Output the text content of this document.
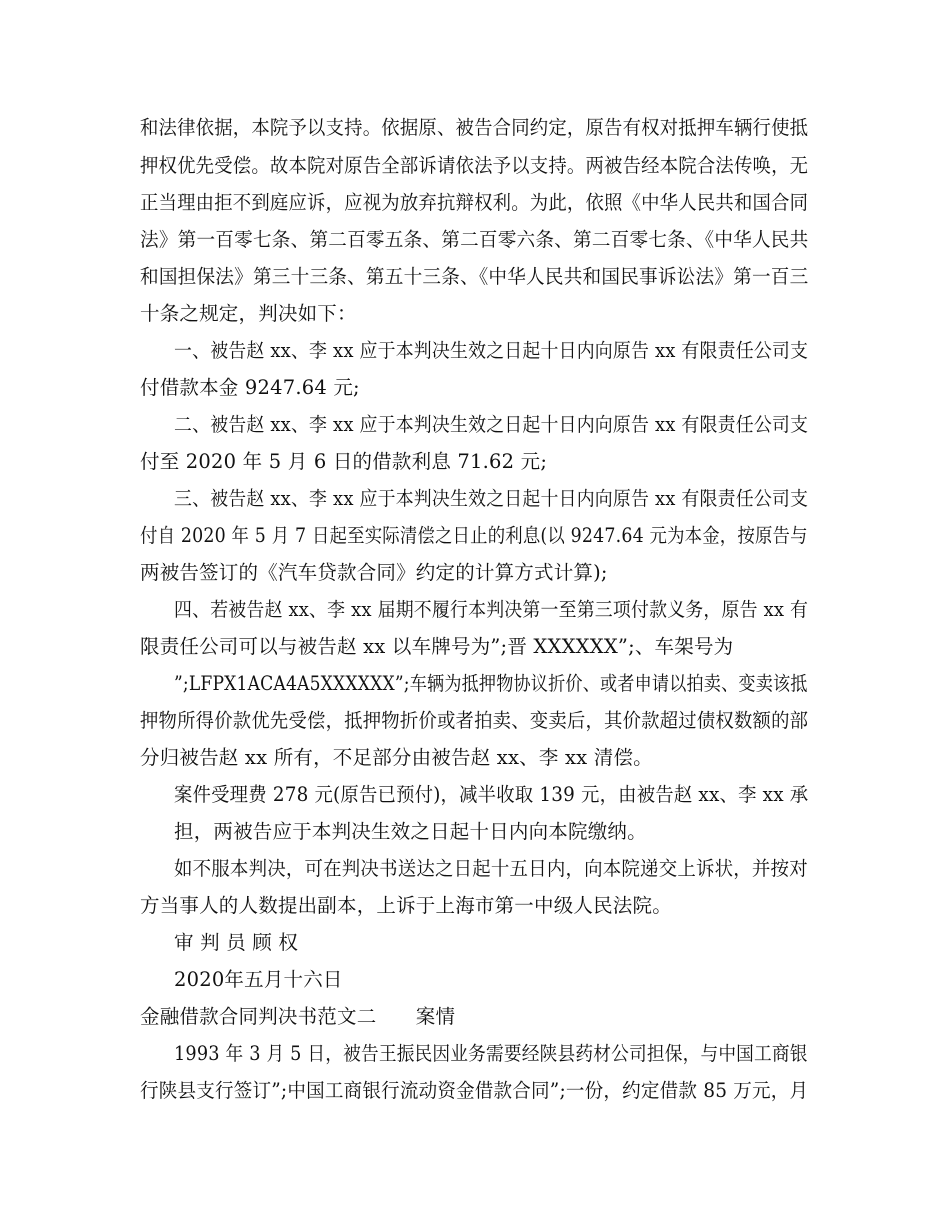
和法律依据，本院予以支持。依据原、被告合同约定，原告有权对抵押车辆行使抵
押权优先受偿。故本院对原告全部诉请依法予以支持。两被告经本院合法传唤，无
正当理由拒不到庭应诉，应视为放弃抗辩权利。为此，依照《中华人民共和国合同
法》第一百零七条、第二百零五条、第二百零六条、第二百零七条、《中华人民共
和国担保法》第三十三条、第五十三条、《中华人民共和国民事诉讼法》第一百三
十条之规定，判决如下：
一、被告赵 xx、李 xx 应于本判决生效之日起十日内向原告 xx 有限责任公司支
付借款本金 9247.64 元;
二、被告赵 xx、李 xx 应于本判决生效之日起十日内向原告 xx 有限责任公司支
付至 2020 年 5 月 6 日的借款利息 71.62 元;
三、被告赵 xx、李 xx 应于本判决生效之日起十日内向原告 xx 有限责任公司支
付自 2020 年 5 月 7 日起至实际清偿之日止的利息(以 9247.64 元为本金，按原告与
两被告签订的《汽车贷款合同》约定的计算方式计算);
四、若被告赵 xx、李 xx 届期不履行本判决第一至第三项付款义务，原告 xx 有
限责任公司可以与被告赵 xx 以车牌号为”;晋 XXXXXX”;、车架号为
”;LFPX1ACA4A5XXXXXX”;车辆为抵押物协议折价、或者申请以拍卖、变卖该抵
押物所得价款优先受偿，抵押物折价或者拍卖、变卖后，其价款超过债权数额的部
分归被告赵 xx 所有，不足部分由被告赵 xx、李 xx 清偿。
案件受理费 278 元(原告已预付)，减半收取 139 元，由被告赵 xx、李 xx 承
担，两被告应于本判决生效之日起十日内向本院缴纳。
如不服本判决，可在判决书送达之日起十五日内，向本院递交上诉状，并按对
方当事人的人数提出副本，上诉于上海市第一中级人民法院。
审 判 员 顾 权
2020年五月十六日
金融借款合同判决书范文二　　案情
1993 年 3 月 5 日，被告王振民因业务需要经陕县药材公司担保，与中国工商银
行陕县支行签订”;中国工商银行流动资金借款合同”;一份，约定借款 85 万元，月
